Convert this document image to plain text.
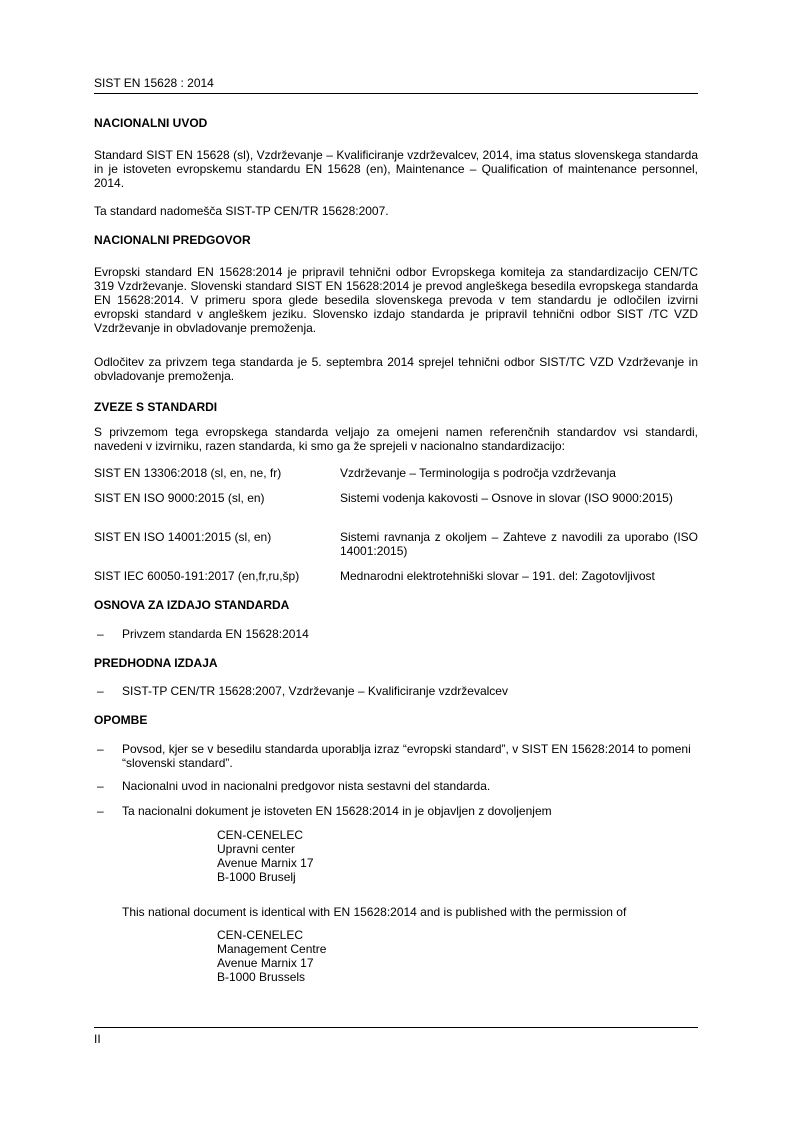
SIST EN 15628 : 2014
NACIONALNI UVOD

Standard SIST EN 15628 (sl), Vzdrževanje – Kvalificiranje vzdrževalcev, 2014, ima status slovenskega standarda in je istoveten evropskemu standardu EN 15628 (en), Maintenance – Qualification of maintenance personnel, 2014.

Ta standard nadomešča SIST-TP CEN/TR 15628:2007.

NACIONALNI PREDGOVOR

Evropski standard EN 15628:2014 je pripravil tehnični odbor Evropskega komiteja za standardizacijo CEN/TC 319 Vzdrževanje. Slovenski standard SIST EN 15628:2014 je prevod angleškega besedila evropskega standarda EN 15628:2014. V primeru spora glede besedila slovenskega prevoda v tem standardu je odločilen izvirni evropski standard v angleškem jeziku. Slovensko izdajo standarda je pripravil tehnični odbor SIST /TC VZD Vzdrževanje in obvladovanje premoženja.

Odločitev za privzem tega standarda je 5. septembra 2014 sprejel tehnični odbor SIST/TC VZD Vzdrževanje in obvladovanje premoženja.

ZVEZE S STANDARDI

S privzemom tega evropskega standarda veljajo za omejeni namen referenčnih standardov vsi standardi, navedeni v izvirniku, razen standarda, ki smo ga že sprejeli v nacionalno standardizacijo:

SIST EN 13306:2018 (sl, en, ne, fr)	Vzdrževanje – Terminologija s področja vzdrževanja
SIST EN ISO 9000:2015 (sl, en)	Sistemi vodenja kakovosti – Osnove in slovar (ISO 9000:2015)
SIST EN ISO 14001:2015 (sl, en)	Sistemi ravnanja z okoljem – Zahteve z navodili za uporabo (ISO 14001:2015)
SIST IEC 60050-191:2017 (en,fr,ru,šp)	Mednarodni elektrotehniški slovar – 191. del: Zagotovljivost
OSNOVA ZA IZDAJO STANDARDA
– Privzem standarda EN 15628:2014
PREDHODNA IZDAJA
– SIST-TP CEN/TR 15628:2007, Vzdrževanje – Kvalificiranje vzdrževalcev
OPOMBE
– Povsod, kjer se v besedilu standarda uporablja izraz “evropski standard”, v SIST EN 15628:2014 to pomeni “slovenski standard”.
– Nacionalni uvod in nacionalni predgovor nista sestavni del standarda.
– Ta nacionalni dokument je istoveten EN 15628:2014 in je objavljen z dovoljenjem
CEN-CENELEC
Upravni center
Avenue Marnix 17
B-1000 Bruselj
This national document is identical with EN 15628:2014 and is published with the permission of
CEN-CENELEC
Management Centre
Avenue Marnix 17
B-1000 Brussels
II
